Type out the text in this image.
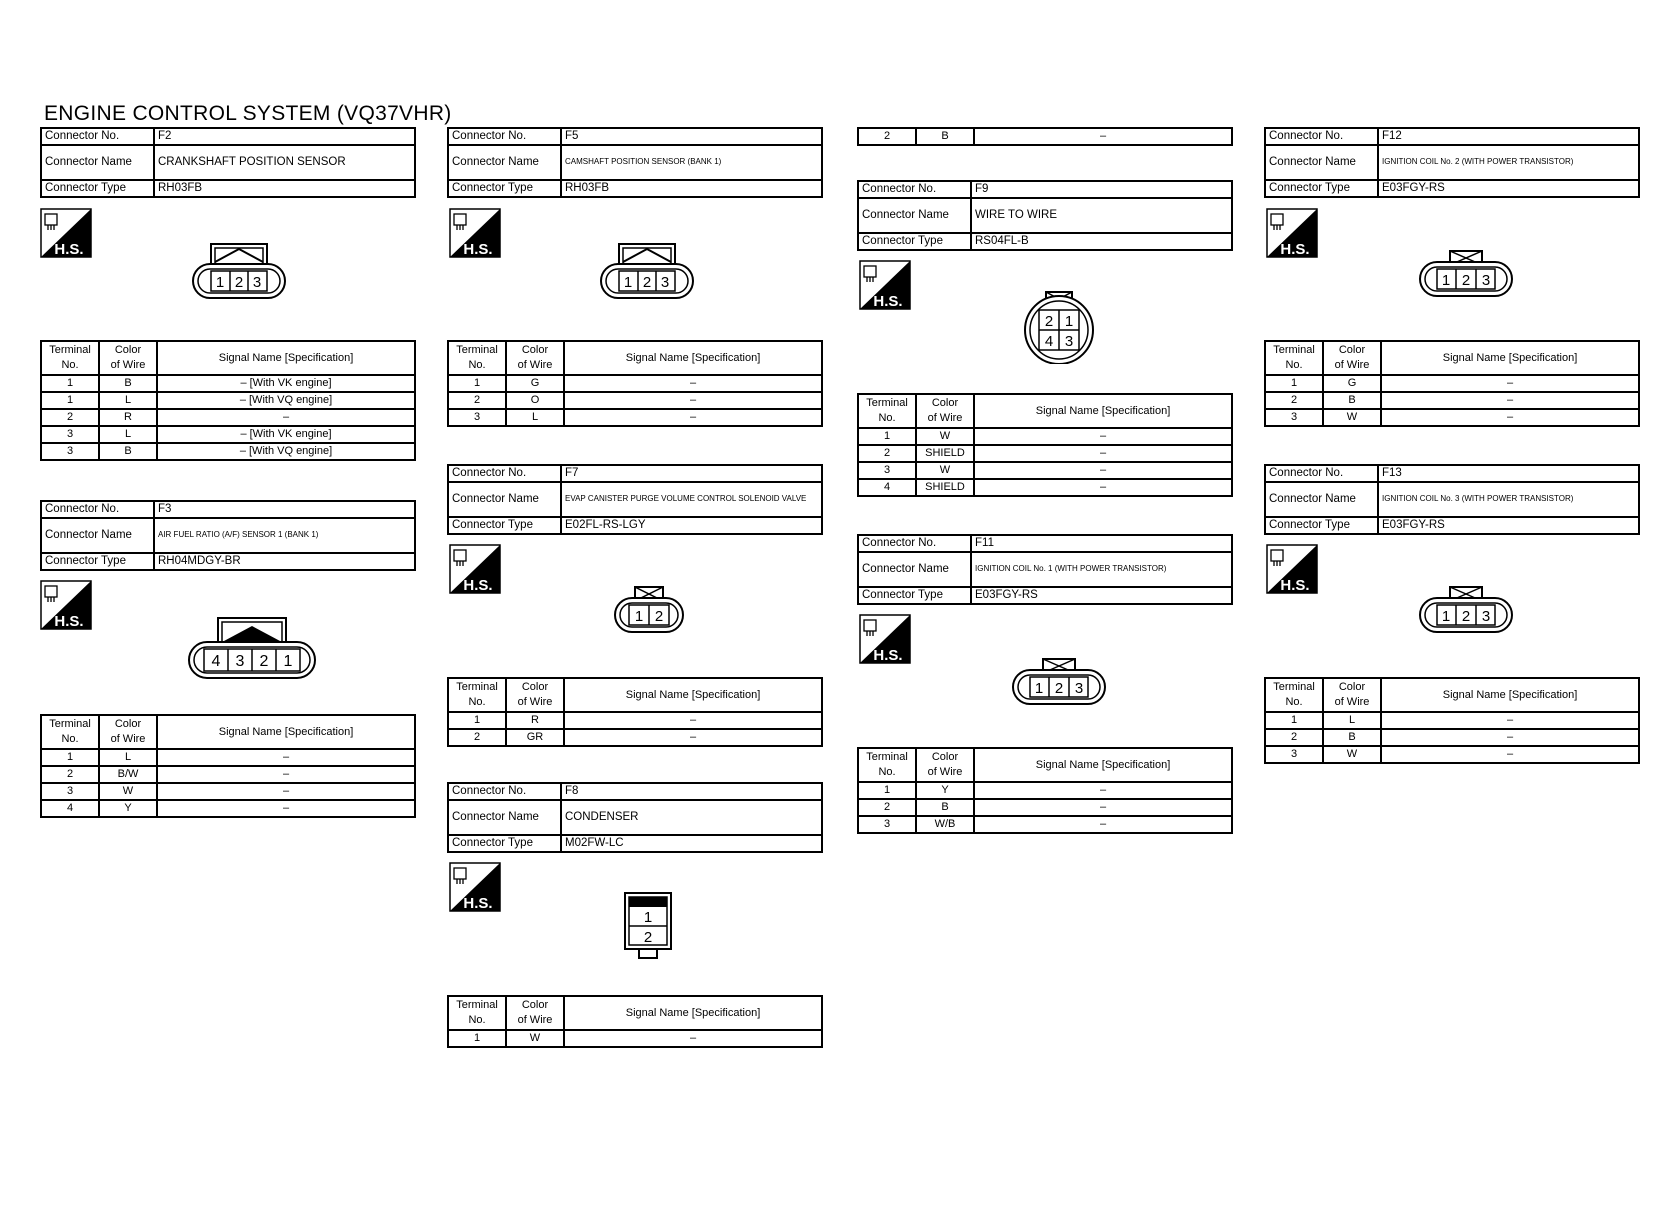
ENGINE CONTROL SYSTEM (VQ37VHR)
Connector No.	F2
Connector Name	CRANKSHAFT POSITION SENSOR
Connector Type	RH03FB
H.S.
1 2 3
Terminal
No.	Color
of Wire	Signal Name [Specification]
1	B	– [With VK engine]
1	L	– [With VQ engine]
2	R	–
3	L	– [With VK engine]
3	B	– [With VQ engine]
Connector No.	F3
Connector Name	AIR FUEL RATIO (A/F) SENSOR 1 (BANK 1)
Connector Type	RH04MDGY-BR
H.S.
4 3 2 1
Terminal
No.	Color
of Wire	Signal Name [Specification]
1	L	–
2	B/W	–
3	W	–
4	Y	–
Connector No.	F5
Connector Name	CAMSHAFT POSITION SENSOR (BANK 1)
Connector Type	RH03FB
H.S.
1 2 3
Terminal
No.	Color
of Wire	Signal Name [Specification]
1	G	–
2	O	–
3	L	–
Connector No.	F7
Connector Name	EVAP CANISTER PURGE VOLUME CONTROL SOLENOID VALVE
Connector Type	E02FL-RS-LGY
H.S.
1 2
Terminal
No.	Color
of Wire	Signal Name [Specification]
1	R	–
2	GR	–
Connector No.	F8
Connector Name	CONDENSER
Connector Type	M02FW-LC
H.S.
1
2
Terminal
No.	Color
of Wire	Signal Name [Specification]
1	W	–
2	B	–
Connector No.	F9
Connector Name	WIRE TO WIRE
Connector Type	RS04FL-B
H.S.
2 1
4 3
Terminal
No.	Color
of Wire	Signal Name [Specification]
1	W	–
2	SHIELD	–
3	W	–
4	SHIELD	–
Connector No.	F11
Connector Name	IGNITION COIL No. 1 (WITH POWER TRANSISTOR)
Connector Type	E03FGY-RS
H.S.
1 2 3
Terminal
No.	Color
of Wire	Signal Name [Specification]
1	Y	–
2	B	–
3	W/B	–
Connector No.	F12
Connector Name	IGNITION COIL No. 2 (WITH POWER TRANSISTOR)
Connector Type	E03FGY-RS
H.S.
1 2 3
Terminal
No.	Color
of Wire	Signal Name [Specification]
1	G	–
2	B	–
3	W	–
Connector No.	F13
Connector Name	IGNITION COIL No. 3 (WITH POWER TRANSISTOR)
Connector Type	E03FGY-RS
H.S.
1 2 3
Terminal
No.	Color
of Wire	Signal Name [Specification]
1	L	–
2	B	–
3	W	–
